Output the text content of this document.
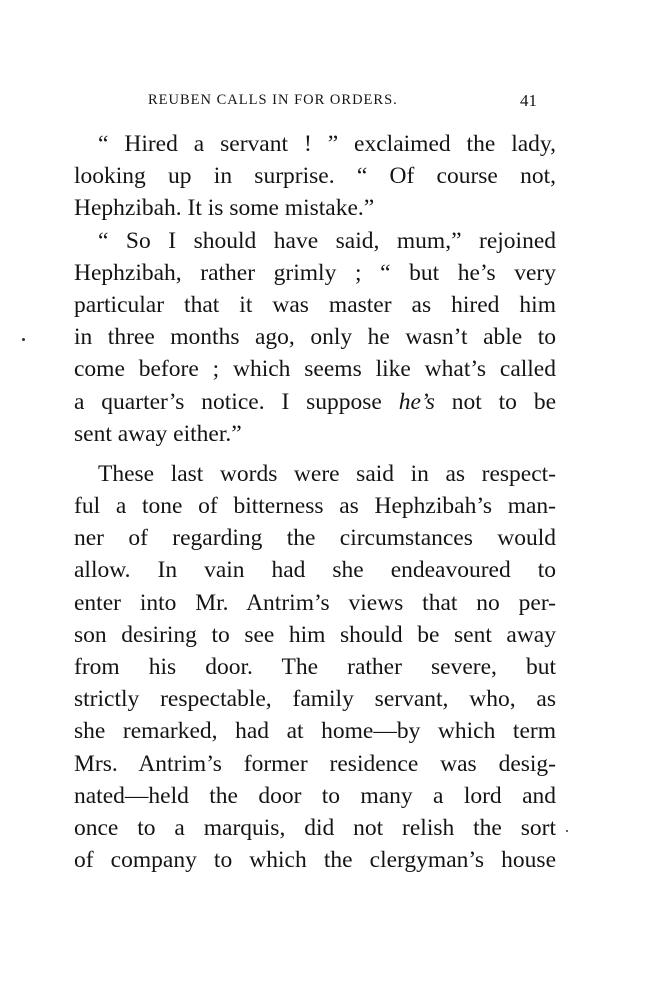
REUBEN CALLS IN FOR ORDERS.	41
“ Hired a servant ! ” exclaimed the lady,
looking up in surprise. “ Of course not,
Hephzibah. It is some mistake.”
“ So I should have said, mum,” rejoined
Hephzibah, rather grimly ; “ but he’s very
particular that it was master as hired him
in three months ago, only he wasn’t able to
come before ; which seems like what’s called
a quarter’s notice. I suppose he’s not to be
sent away either.”
These last words were said in as respect-
ful a tone of bitterness as Hephzibah’s man-
ner of regarding the circumstances would
allow. In vain had she endeavoured to
enter into Mr. Antrim’s views that no per-
son desiring to see him should be sent away
from his door. The rather severe, but
strictly respectable, family servant, who, as
she remarked, had at home—by which term
Mrs. Antrim’s former residence was desig-
nated—held the door to many a lord and
once to a marquis, did not relish the sort
of company to which the clergyman’s house
